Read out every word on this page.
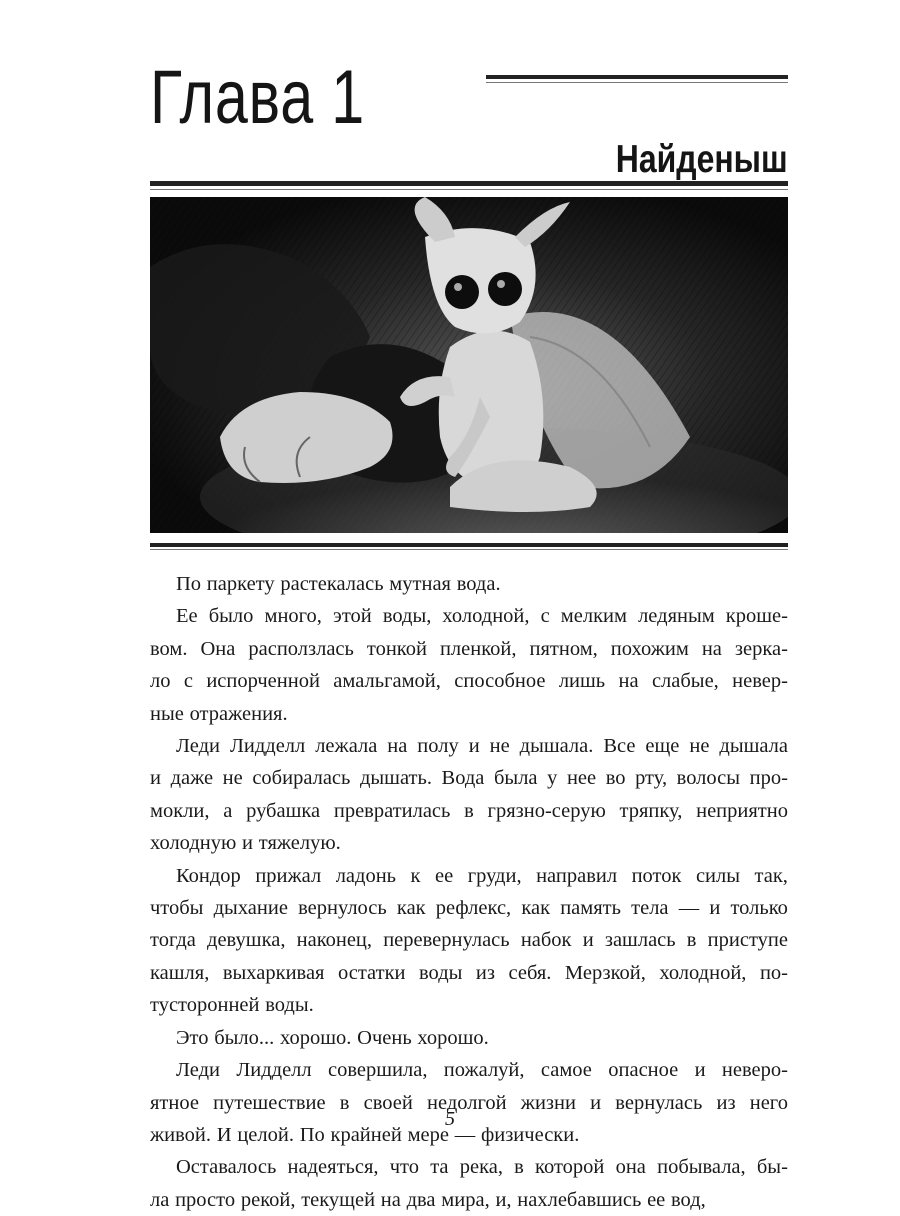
Глава 1
Найденыш
По паркету растекалась мутная вода.
Ее было много, этой воды, холодной, с мелким ледяным кроше-
вом. Она расползлась тонкой пленкой, пятном, похожим на зерка-
ло с испорченной амальгамой, способное лишь на слабые, невер-
ные отражения.
Леди Лидделл лежала на полу и не дышала. Все еще не дышала
и даже не собиралась дышать. Вода была у нее во рту, волосы про-
мокли, а рубашка превратилась в грязно-серую тряпку, неприятно
холодную и тяжелую.
Кондор прижал ладонь к ее груди, направил поток силы так,
чтобы дыхание вернулось как рефлекс, как память тела — и только
тогда девушка, наконец, перевернулась набок и зашлась в приступе
кашля, выхаркивая остатки воды из себя. Мерзкой, холодной, по-
тусторонней воды.
Это было... хорошо. Очень хорошо.
Леди Лидделл совершила, пожалуй, самое опасное и невеpо-
ятное путешествие в своей недолгой жизни и вернулась из него
живой. И целой. По крайней мере — физически.
Оставалось надеяться, что та река, в которой она побывала, бы-
ла просто рекой, текущей на два мира, и, нахлебавшись ее вод,
5
